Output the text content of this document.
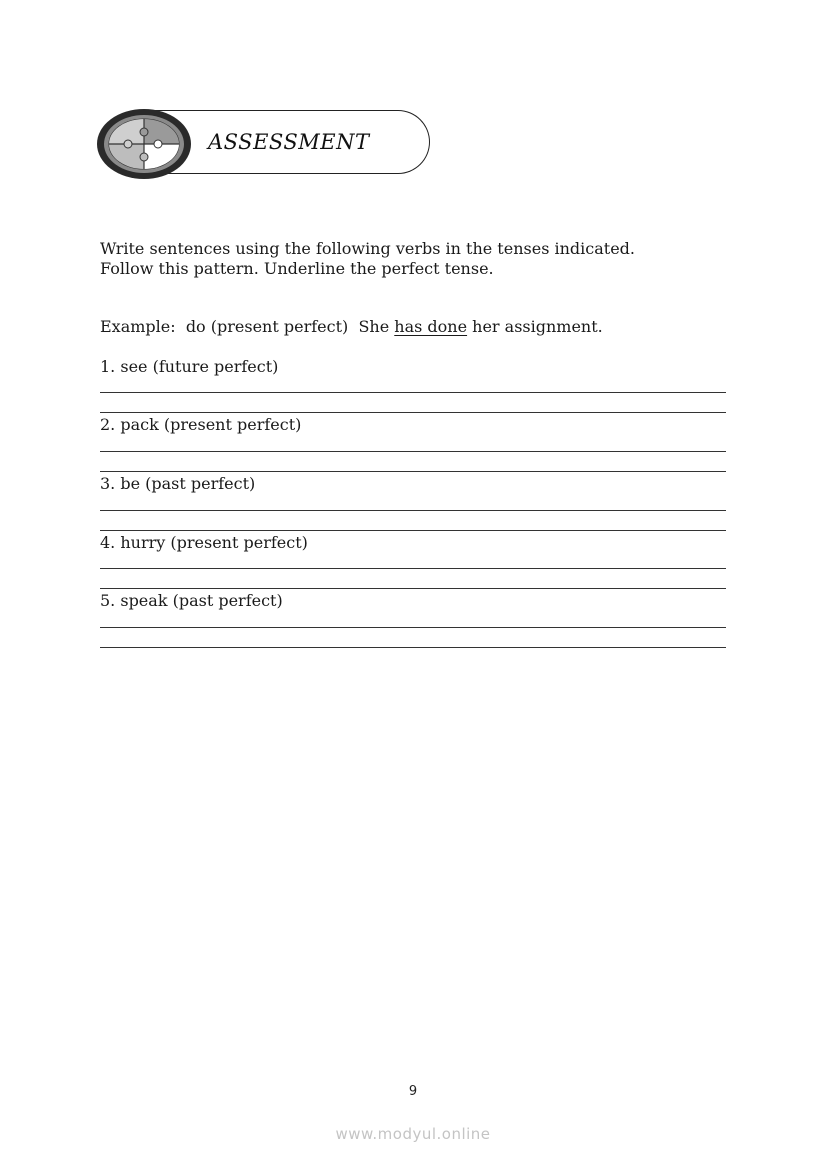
ASSESSMENT
Write sentences using the following verbs in the tenses indicated.
Follow this pattern. Underline the perfect tense.
Example: do (present perfect) She has done her assignment.
1. see (future perfect)
2. pack (present perfect)
3. be (past perfect)
4. hurry (present perfect)
5. speak (past perfect)
9
www.modyul.online
